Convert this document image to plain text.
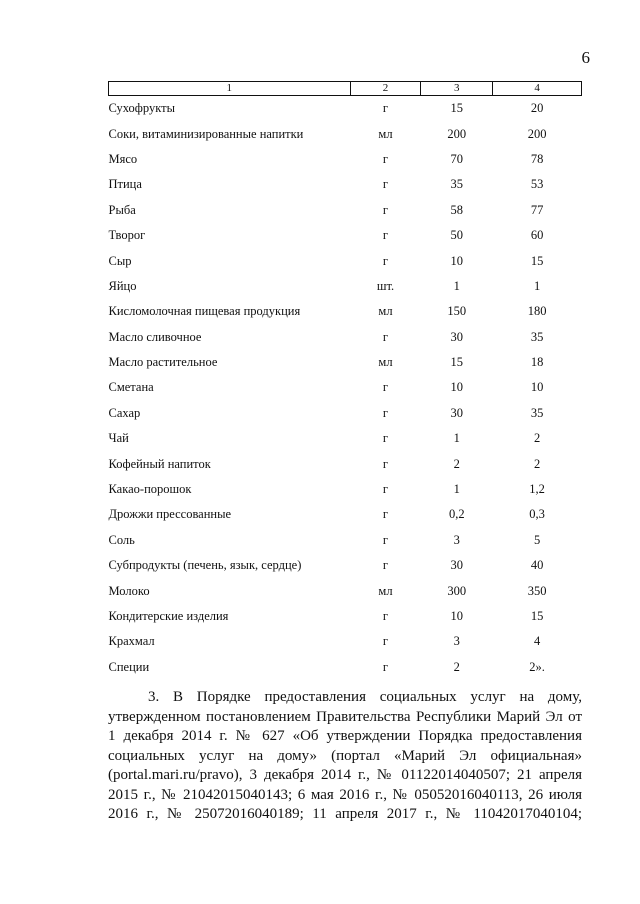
6
1	2	3	4
Сухофрукты	г	15	20
Соки, витаминизированные напитки	мл	200	200
Мясо	г	70	78
Птица	г	35	53
Рыба	г	58	77
Творог	г	50	60
Сыр	г	10	15
Яйцо	шт.	1	1
Кисломолочная пищевая продукция	мл	150	180
Масло сливочное	г	30	35
Масло растительное	мл	15	18
Сметана	г	10	10
Сахар	г	30	35
Чай	г	1	2
Кофейный напиток	г	2	2
Какао-порошок	г	1	1,2
Дрожжи прессованные	г	0,2	0,3
Соль	г	3	5
Субпродукты (печень, язык, сердце)	г	30	40
Молоко	мл	300	350
Кондитерские изделия	г	10	15
Крахмал	г	3	4
Специи	г	2	2».

3. В Порядке предоставления социальных услуг на дому, утвержденном постановлением Правительства Республики Марий Эл от 1 декабря 2014 г. № 627 «Об утверждении Порядка предоставления социальных услуг на дому» (портал «Марий Эл официальная» (portal.mari.ru/pravo), 3 декабря 2014 г., № 01122014040507; 21 апреля 2015 г., № 21042015040143; 6 мая 2016 г., № 05052016040113, 26 июля 2016 г., № 25072016040189; 11 апреля 2017 г., № 11042017040104;
